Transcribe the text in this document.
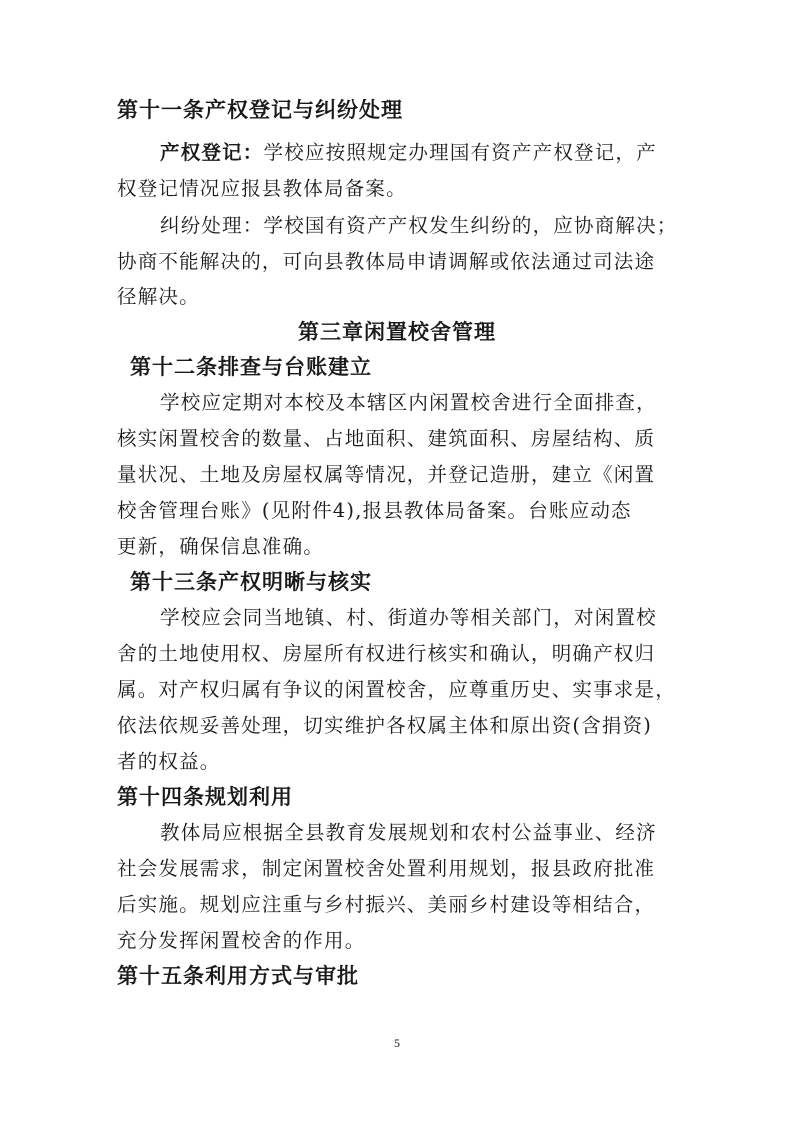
第十一条产权登记与纠纷处理
产权登记：学校应按照规定办理国有资产产权登记，产
权登记情况应报县教体局备案。
纠纷处理：学校国有资产产权发生纠纷的，应协商解决；
协商不能解决的，可向县教体局申请调解或依法通过司法途
径解决。
第三章闲置校舍管理
第十二条排查与台账建立
学校应定期对本校及本辖区内闲置校舍进行全面排查，
核实闲置校舍的数量、占地面积、建筑面积、房屋结构、质
量状况、土地及房屋权属等情况，并登记造册，建立《闲置
校舍管理台账》(见附件4),报县教体局备案。台账应动态
更新，确保信息准确。
第十三条产权明晰与核实
学校应会同当地镇、村、街道办等相关部门，对闲置校
舍的土地使用权、房屋所有权进行核实和确认，明确产权归
属。对产权归属有争议的闲置校舍，应尊重历史、实事求是，
依法依规妥善处理，切实维护各权属主体和原出资(含捐资)
者的权益。
第十四条规划利用
教体局应根据全县教育发展规划和农村公益事业、经济
社会发展需求，制定闲置校舍处置利用规划，报县政府批准
后实施。规划应注重与乡村振兴、美丽乡村建设等相结合，
充分发挥闲置校舍的作用。
第十五条利用方式与审批
5
